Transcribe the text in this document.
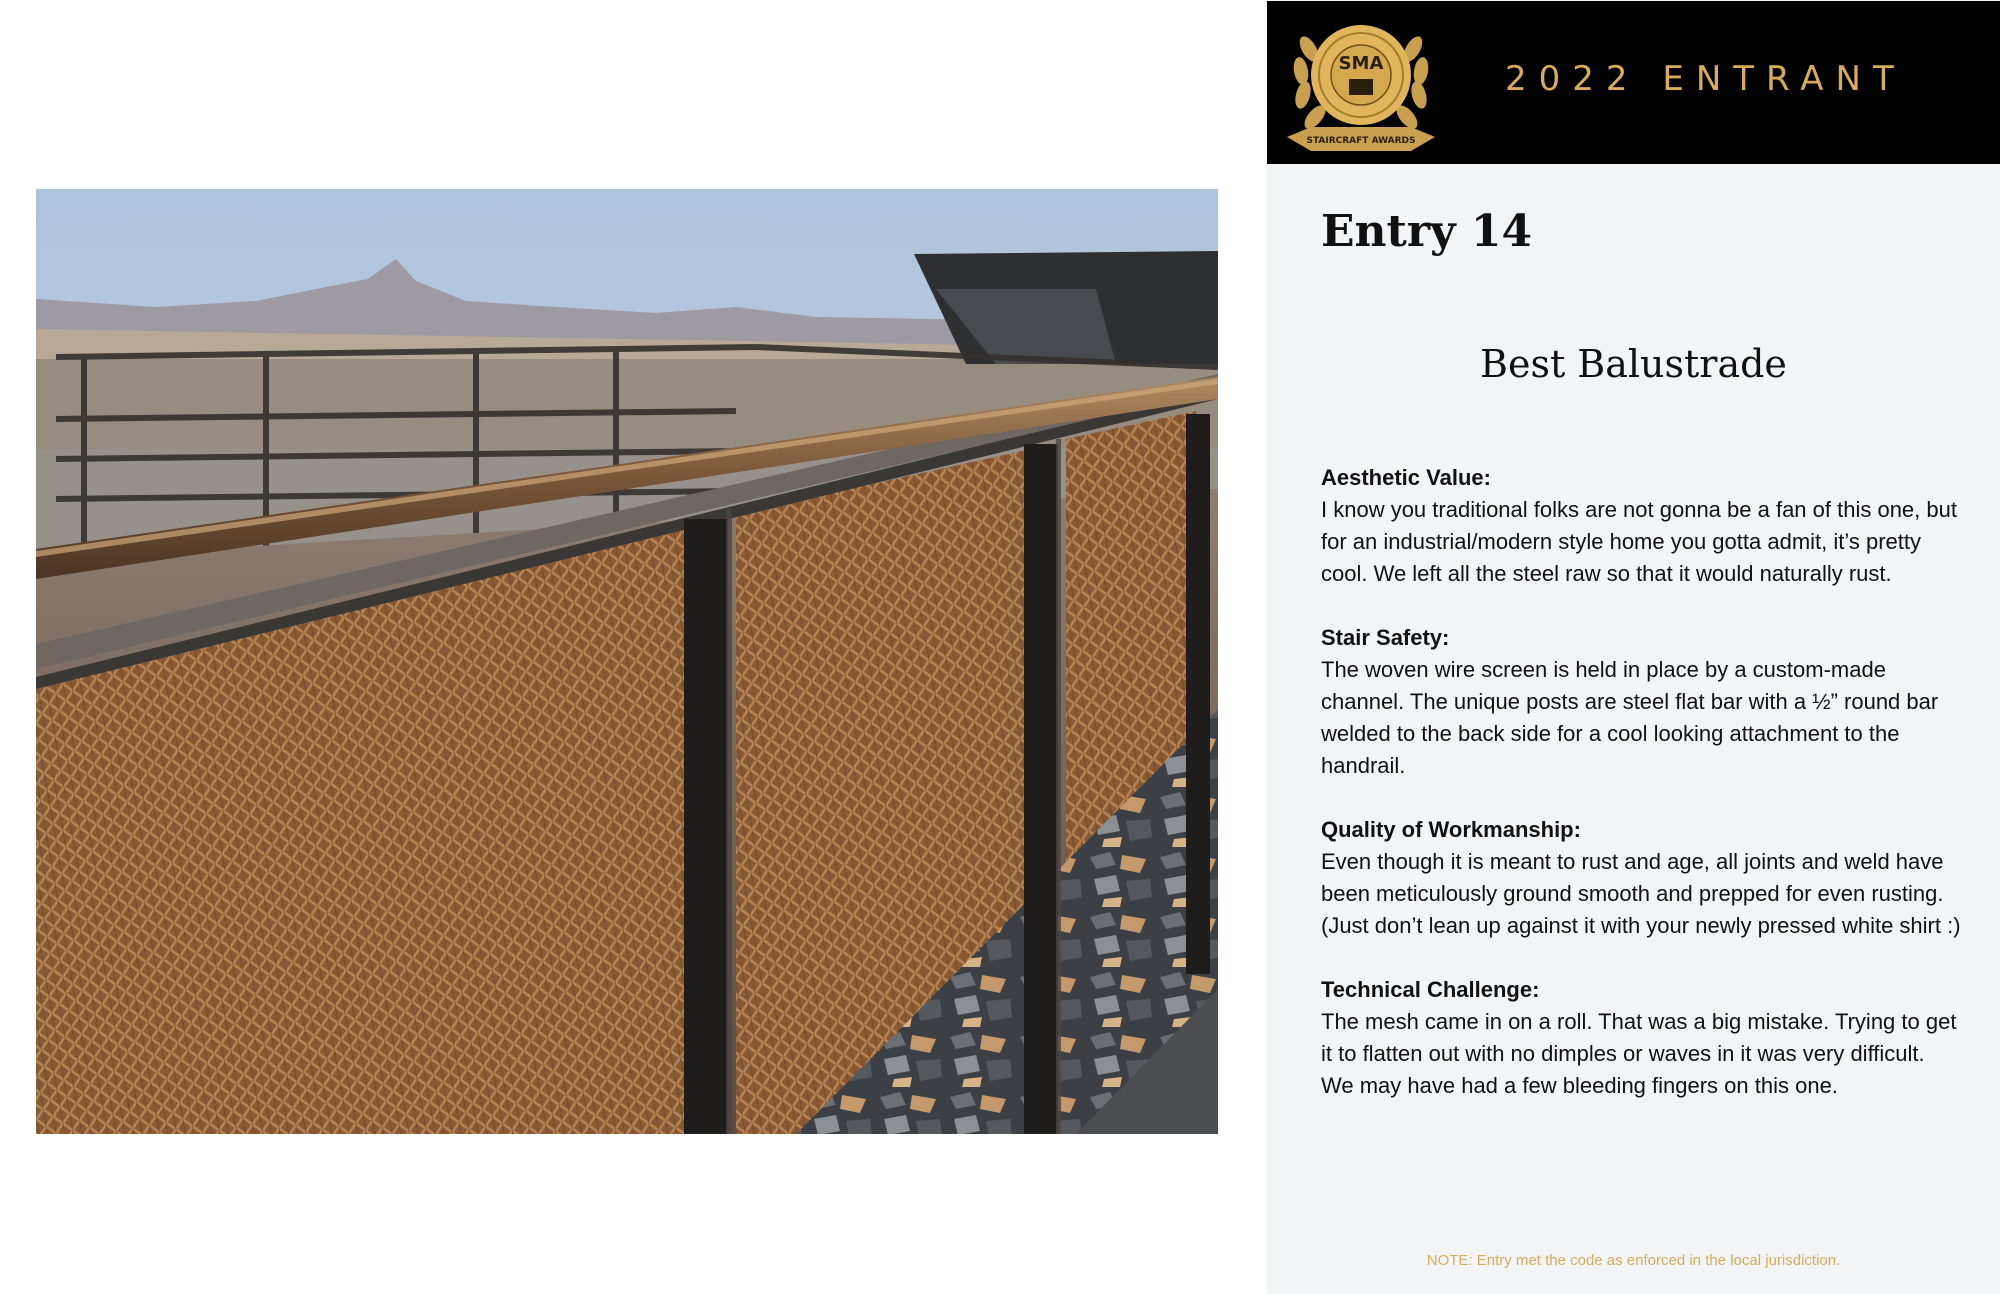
SMA
STAIRCRAFT AWARDS
2022 ENTRANT
Entry 14
Best Balustrade

Aesthetic Value:

I know you traditional folks are not gonna be a fan of this one, but for an industrial/modern style home you gotta admit, it’s pretty cool. We left all the steel raw so that it would naturally rust.

Stair Safety:

The woven wire screen is held in place by a custom-made channel. The unique posts are steel flat bar with a ½” round bar welded to the back side for a cool looking attachment to the handrail.

Quality of Workmanship:

Even though it is meant to rust and age, all joints and weld have been meticulously ground smooth and prepped for even rusting. (Just don’t lean up against it with your newly pressed white shirt :)

Technical Challenge:

The mesh came in on a roll. That was a big mistake. Trying to get it to flatten out with no dimples or waves in it was very difficult. We may have had a few bleeding fingers on this one.

NOTE: Entry met the code as enforced in the local jurisdiction.
